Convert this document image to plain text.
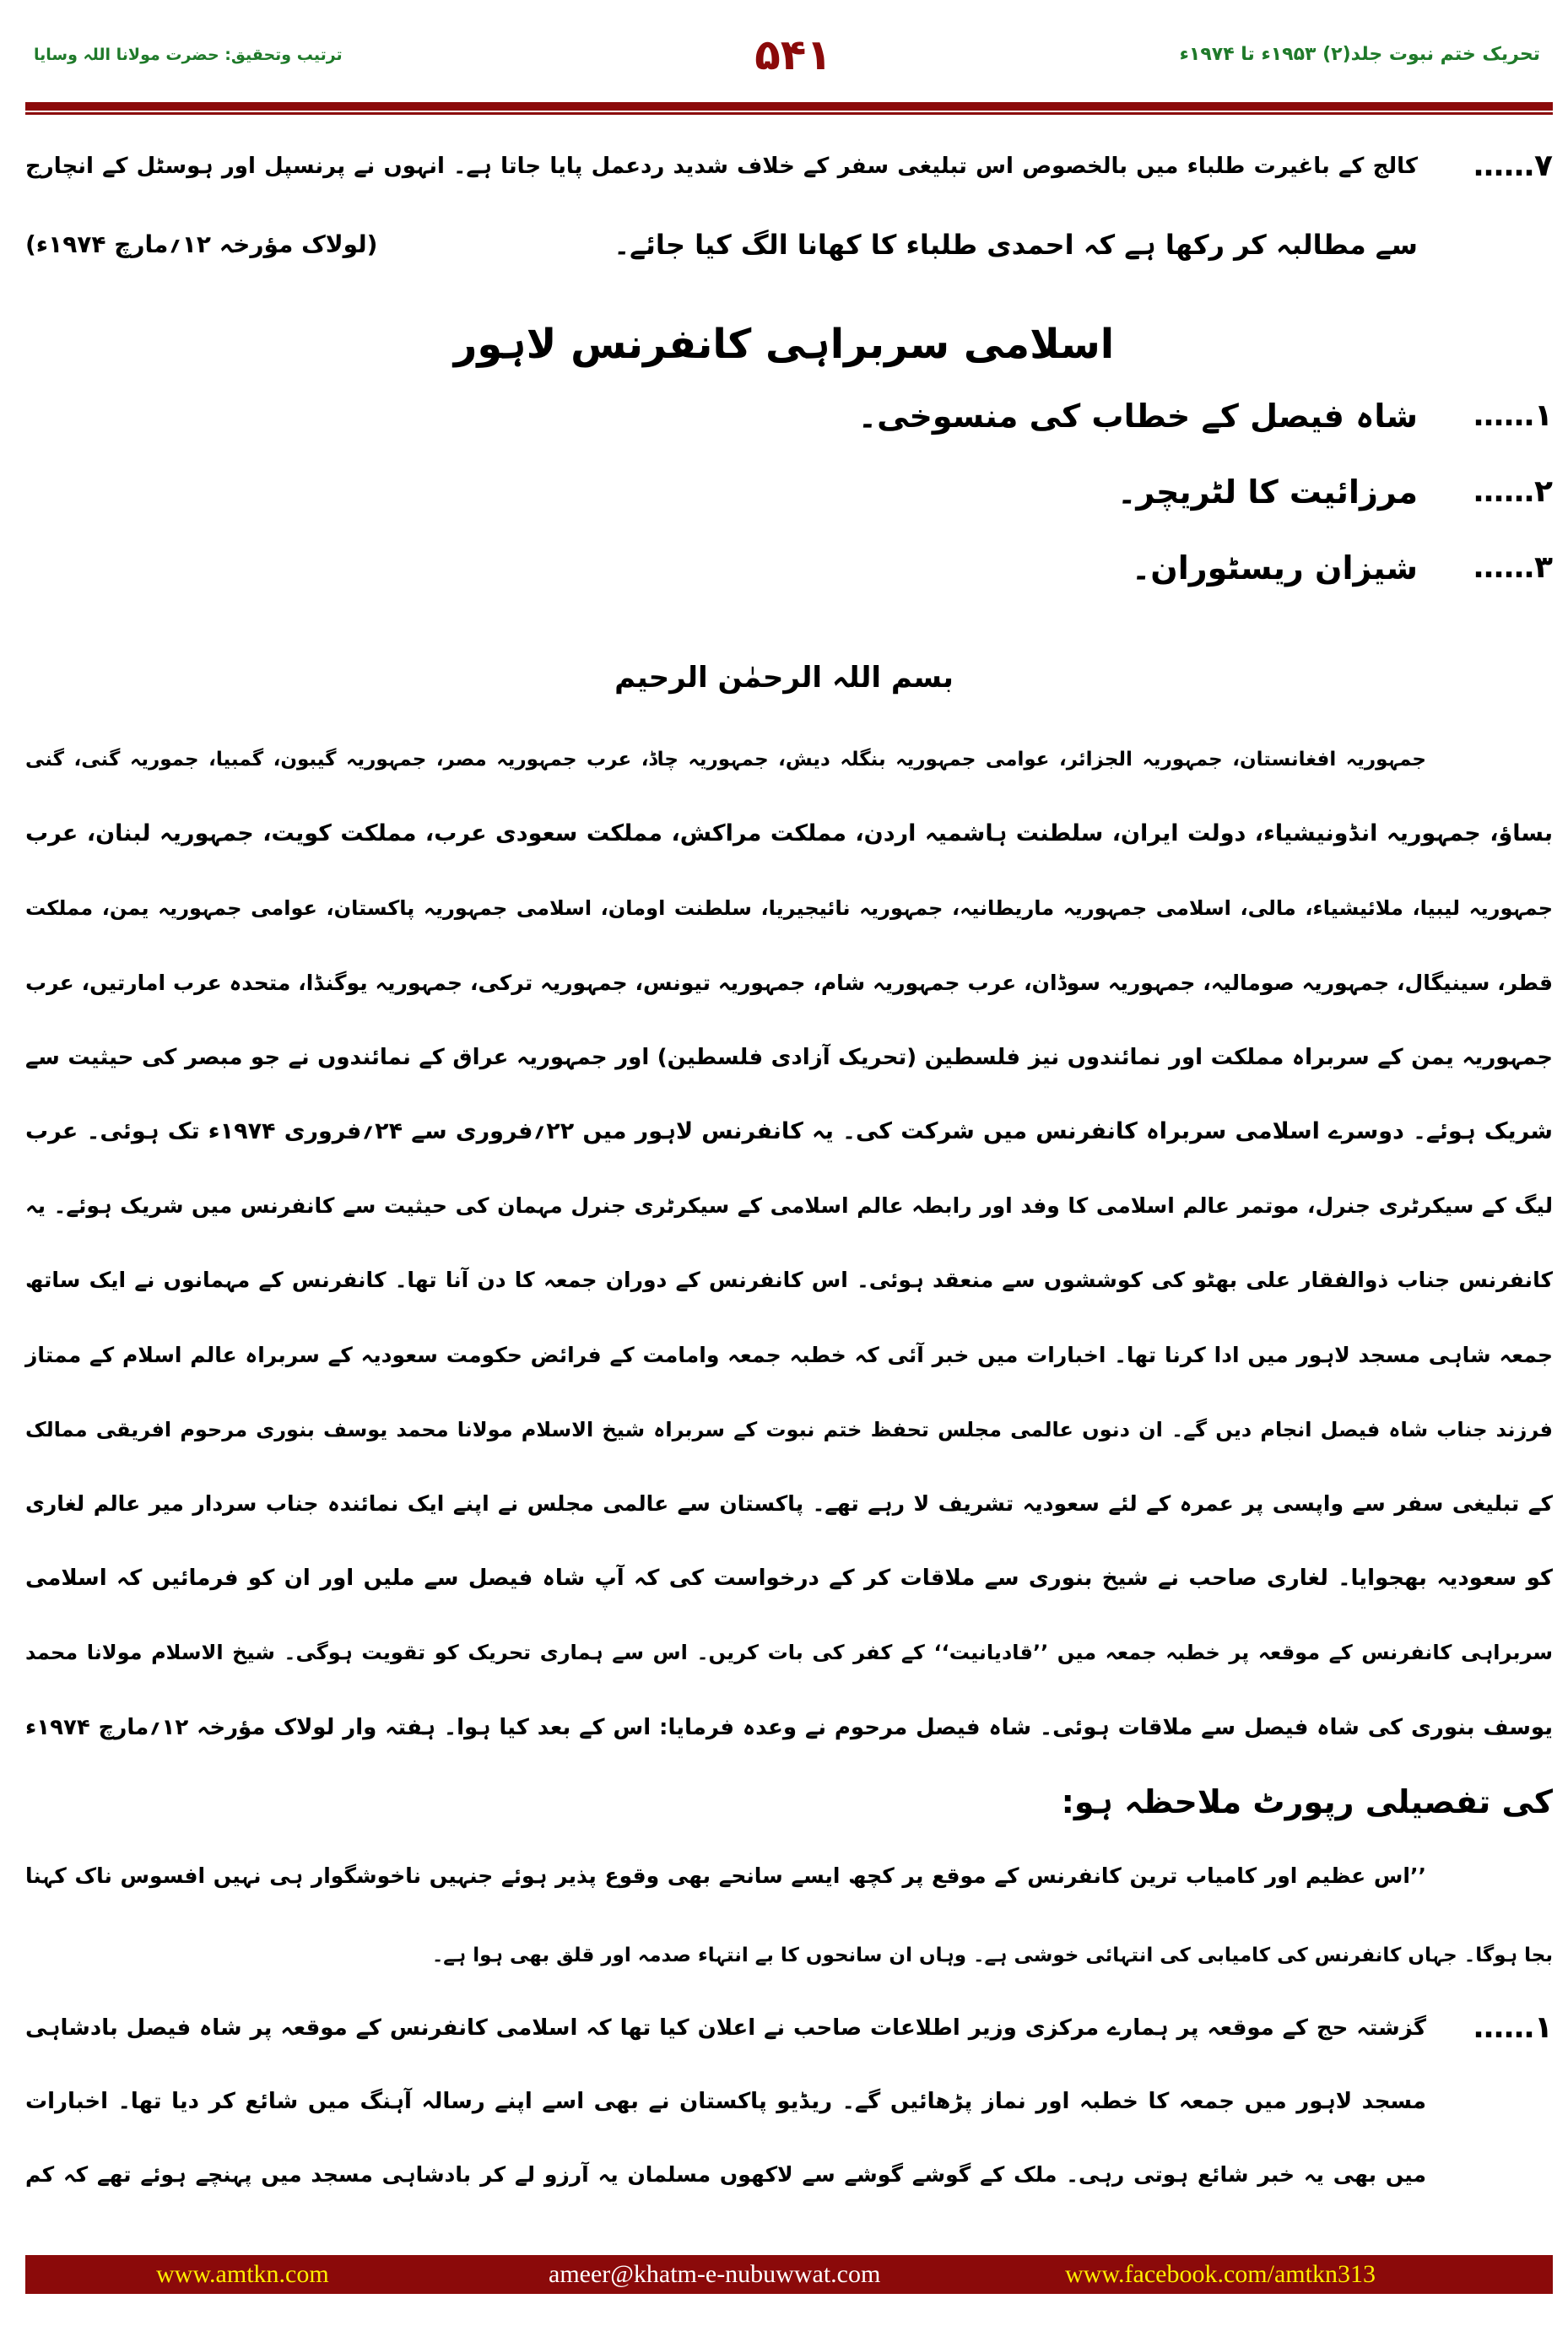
تحریک ختم نبوت جلد(۲) ۱۹۵۳ء تا ۱۹۷۴ء
۵۴۱
ترتیب وتحقیق: حضرت مولانا اللہ وسایا
۷……
کالج کے باغیرت طلباء میں بالخصوص اس تبلیغی سفر کے خلاف شدید ردعمل پایا جاتا ہے۔ انہوں نے پرنسپل اور ہوسٹل کے انچارج
سے مطالبہ کر رکھا ہے کہ احمدی طلباء کا کھانا الگ کیا جائے۔
(لولاک مؤرخہ ۱۲؍مارچ ۱۹۷۴ء)
اسلامی سربراہی کانفرنس لاہور
۱……
شاہ فیصل کے خطاب کی منسوخی۔
۲……
مرزائیت کا لٹریچر۔
۳……
شیزان ریسٹوران۔
بسم اللہ الرحمٰن الرحیم
جمہوریہ افغانستان، جمہوریہ الجزائر، عوامی جمہوریہ بنگلہ دیش، جمہوریہ چاڈ، عرب جمہوریہ مصر، جمہوریہ گیبون، گمبیا، جموریہ گنی، گنی
بساؤ، جمہوریہ انڈونیشیاء، دولت ایران، سلطنت ہاشمیہ اردن، مملکت مراکش، مملکت سعودی عرب، مملکت کویت، جمہوریہ لبنان، عرب
جمہوریہ لیبیا، ملائیشیاء، مالی، اسلامی جمہوریہ ماریطانیہ، جمہوریہ نائیجیریا، سلطنت اومان، اسلامی جمہوریہ پاکستان، عوامی جمہوریہ یمن، مملکت
قطر، سینیگال، جمہوریہ صومالیہ، جمہوریہ سوڈان، عرب جمہوریہ شام، جمہوریہ تیونس، جمہوریہ ترکی، جمہوریہ یوگنڈا، متحدہ عرب امارتیں، عرب
جمہوریہ یمن کے سربراہ مملکت اور نمائندوں نیز فلسطین (تحریک آزادی فلسطین) اور جمہوریہ عراق کے نمائندوں نے جو مبصر کی حیثیت سے
شریک ہوئے۔ دوسرے اسلامی سربراہ کانفرنس میں شرکت کی۔ یہ کانفرنس لاہور میں ۲۲؍فروری سے ۲۴؍فروری ۱۹۷۴ء تک ہوئی۔ عرب
لیگ کے سیکرٹری جنرل، موتمر عالم اسلامی کا وفد اور رابطہ عالم اسلامی کے سیکرٹری جنرل مہمان کی حیثیت سے کانفرنس میں شریک ہوئے۔ یہ
کانفرنس جناب ذوالفقار علی بھٹو کی کوششوں سے منعقد ہوئی۔ اس کانفرنس کے دوران جمعہ کا دن آنا تھا۔ کانفرنس کے مہمانوں نے ایک ساتھ
جمعہ شاہی مسجد لاہور میں ادا کرنا تھا۔ اخبارات میں خبر آئی کہ خطبہ جمعہ وامامت کے فرائض حکومت سعودیہ کے سربراہ عالم اسلام کے ممتاز
فرزند جناب شاہ فیصل انجام دیں گے۔ ان دنوں عالمی مجلس تحفظ ختم نبوت کے سربراہ شیخ الاسلام مولانا محمد یوسف بنوری مرحوم افریقی ممالک
کے تبلیغی سفر سے واپسی پر عمرہ کے لئے سعودیہ تشریف لا رہے تھے۔ پاکستان سے عالمی مجلس نے اپنے ایک نمائندہ جناب سردار میر عالم لغاری
کو سعودیہ بھجوایا۔ لغاری صاحب نے شیخ بنوری سے ملاقات کر کے درخواست کی کہ آپ شاہ فیصل سے ملیں اور ان کو فرمائیں کہ اسلامی
سربراہی کانفرنس کے موقعہ پر خطبہ جمعہ میں ’’قادیانیت‘‘ کے کفر کی بات کریں۔ اس سے ہماری تحریک کو تقویت ہوگی۔ شیخ الاسلام مولانا محمد
یوسف بنوری کی شاہ فیصل سے ملاقات ہوئی۔ شاہ فیصل مرحوم نے وعدہ فرمایا: اس کے بعد کیا ہوا۔ ہفتہ وار لولاک مؤرخہ ۱۲؍مارچ ۱۹۷۴ء
کی تفصیلی رپورٹ ملاحظہ ہو:
’’اس عظیم اور کامیاب ترین کانفرنس کے موقع پر کچھ ایسے سانحے بھی وقوع پذیر ہوئے جنہیں ناخوشگوار ہی نہیں افسوس ناک کہنا
بجا ہوگا۔ جہاں کانفرنس کی کامیابی کی انتہائی خوشی ہے۔ وہاں ان سانحوں کا بے انتہاء صدمہ اور قلق بھی ہوا ہے۔
۱……
گزشتہ حج کے موقعہ پر ہمارے مرکزی وزیر اطلاعات صاحب نے اعلان کیا تھا کہ اسلامی کانفرنس کے موقعہ پر شاہ فیصل بادشاہی
مسجد لاہور میں جمعہ کا خطبہ اور نماز پڑھائیں گے۔ ریڈیو پاکستان نے بھی اسے اپنے رسالہ آہنگ میں شائع کر دیا تھا۔ اخبارات
میں بھی یہ خبر شائع ہوتی رہی۔ ملک کے گوشے گوشے سے لاکھوں مسلمان یہ آرزو لے کر بادشاہی مسجد میں پہنچے ہوئے تھے کہ کم
www.amtkn.com	ameer@khatm-e-nubuwwat.com	www.facebook.com/amtkn313
